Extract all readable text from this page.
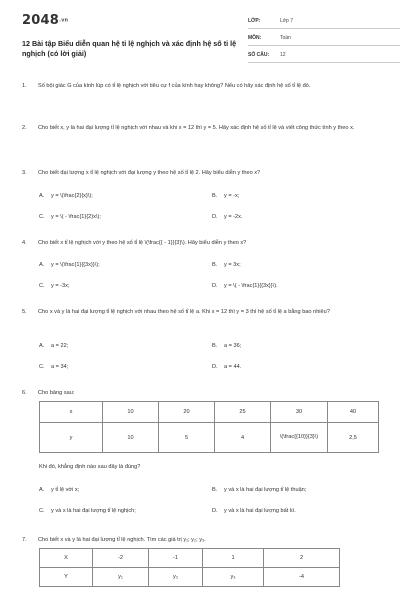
2048.vn
12 Bài tập Biểu diễn quan hệ tỉ lệ nghịch và xác định hệ số tỉ lệ nghịch (có lời giải)
LỚP:	Lớp 7
MÔN:	Toán
SỐ CÂU: 12
1.	Số bội giác G của kính lúp có tỉ lệ nghịch với tiêu cự f của kính hay không? Nếu có hãy xác định hệ số tỉ lệ đó.
2.	Cho biết x, y là hai đại lượng tỉ lệ nghịch với nhau và khi x = 12 thì y = 5. Hãy xác định hệ số tỉ lệ và viết công thức tính y theo x.
3.	Cho biết đại lượng x tỉ lệ nghịch với đại lượng y theo hệ số tỉ lệ 2. Hãy biểu diễn y theo x?
A. y = \(\frac{2}{x}\);	B. y = -x;
C. y = \( - \frac{1}{2}x\);	D. y = -2x.
4.	Cho biết x tỉ lệ nghịch với y theo hệ số tỉ lệ \(\frac{{ - 1}}{3}\). Hãy biểu diễn y theo x?
A. y = \(\frac{1}{{3x}}\);	B. y = 3x;
C. y = -3x;	D. y = \( - \frac{1}{{3x}}\).
5.	Cho x và y là hai đại lượng tỉ lệ nghịch với nhau theo hệ số tỉ lệ a. Khi x = 12 thì y = 3 thì hệ số tỉ lệ a bằng bao nhiêu?
A. a = 22;	B. a = 36;
C. a = 34;	D. a = 44.
6.	Cho bảng sau:
x	10	20	25	30	40
y	10	5	4	\(\frac{{10}}{3}\)	2,5
Khi đó, khẳng định nào sau đây là đúng?
A. y tỉ lệ với x;	B. y và x là hai đại lượng tỉ lệ thuận;
C. y và x là hai đại lượng tỉ lệ nghịch;	D. y và x là hai đại lượng bất kì.
7.	Cho biết x và y là hai đại lượng tỉ lệ nghịch. Tìm các giá trị y₁; y₂; y₃.
X	-2	-1	1	2
Y	y₁	y₂	y₃	-4
